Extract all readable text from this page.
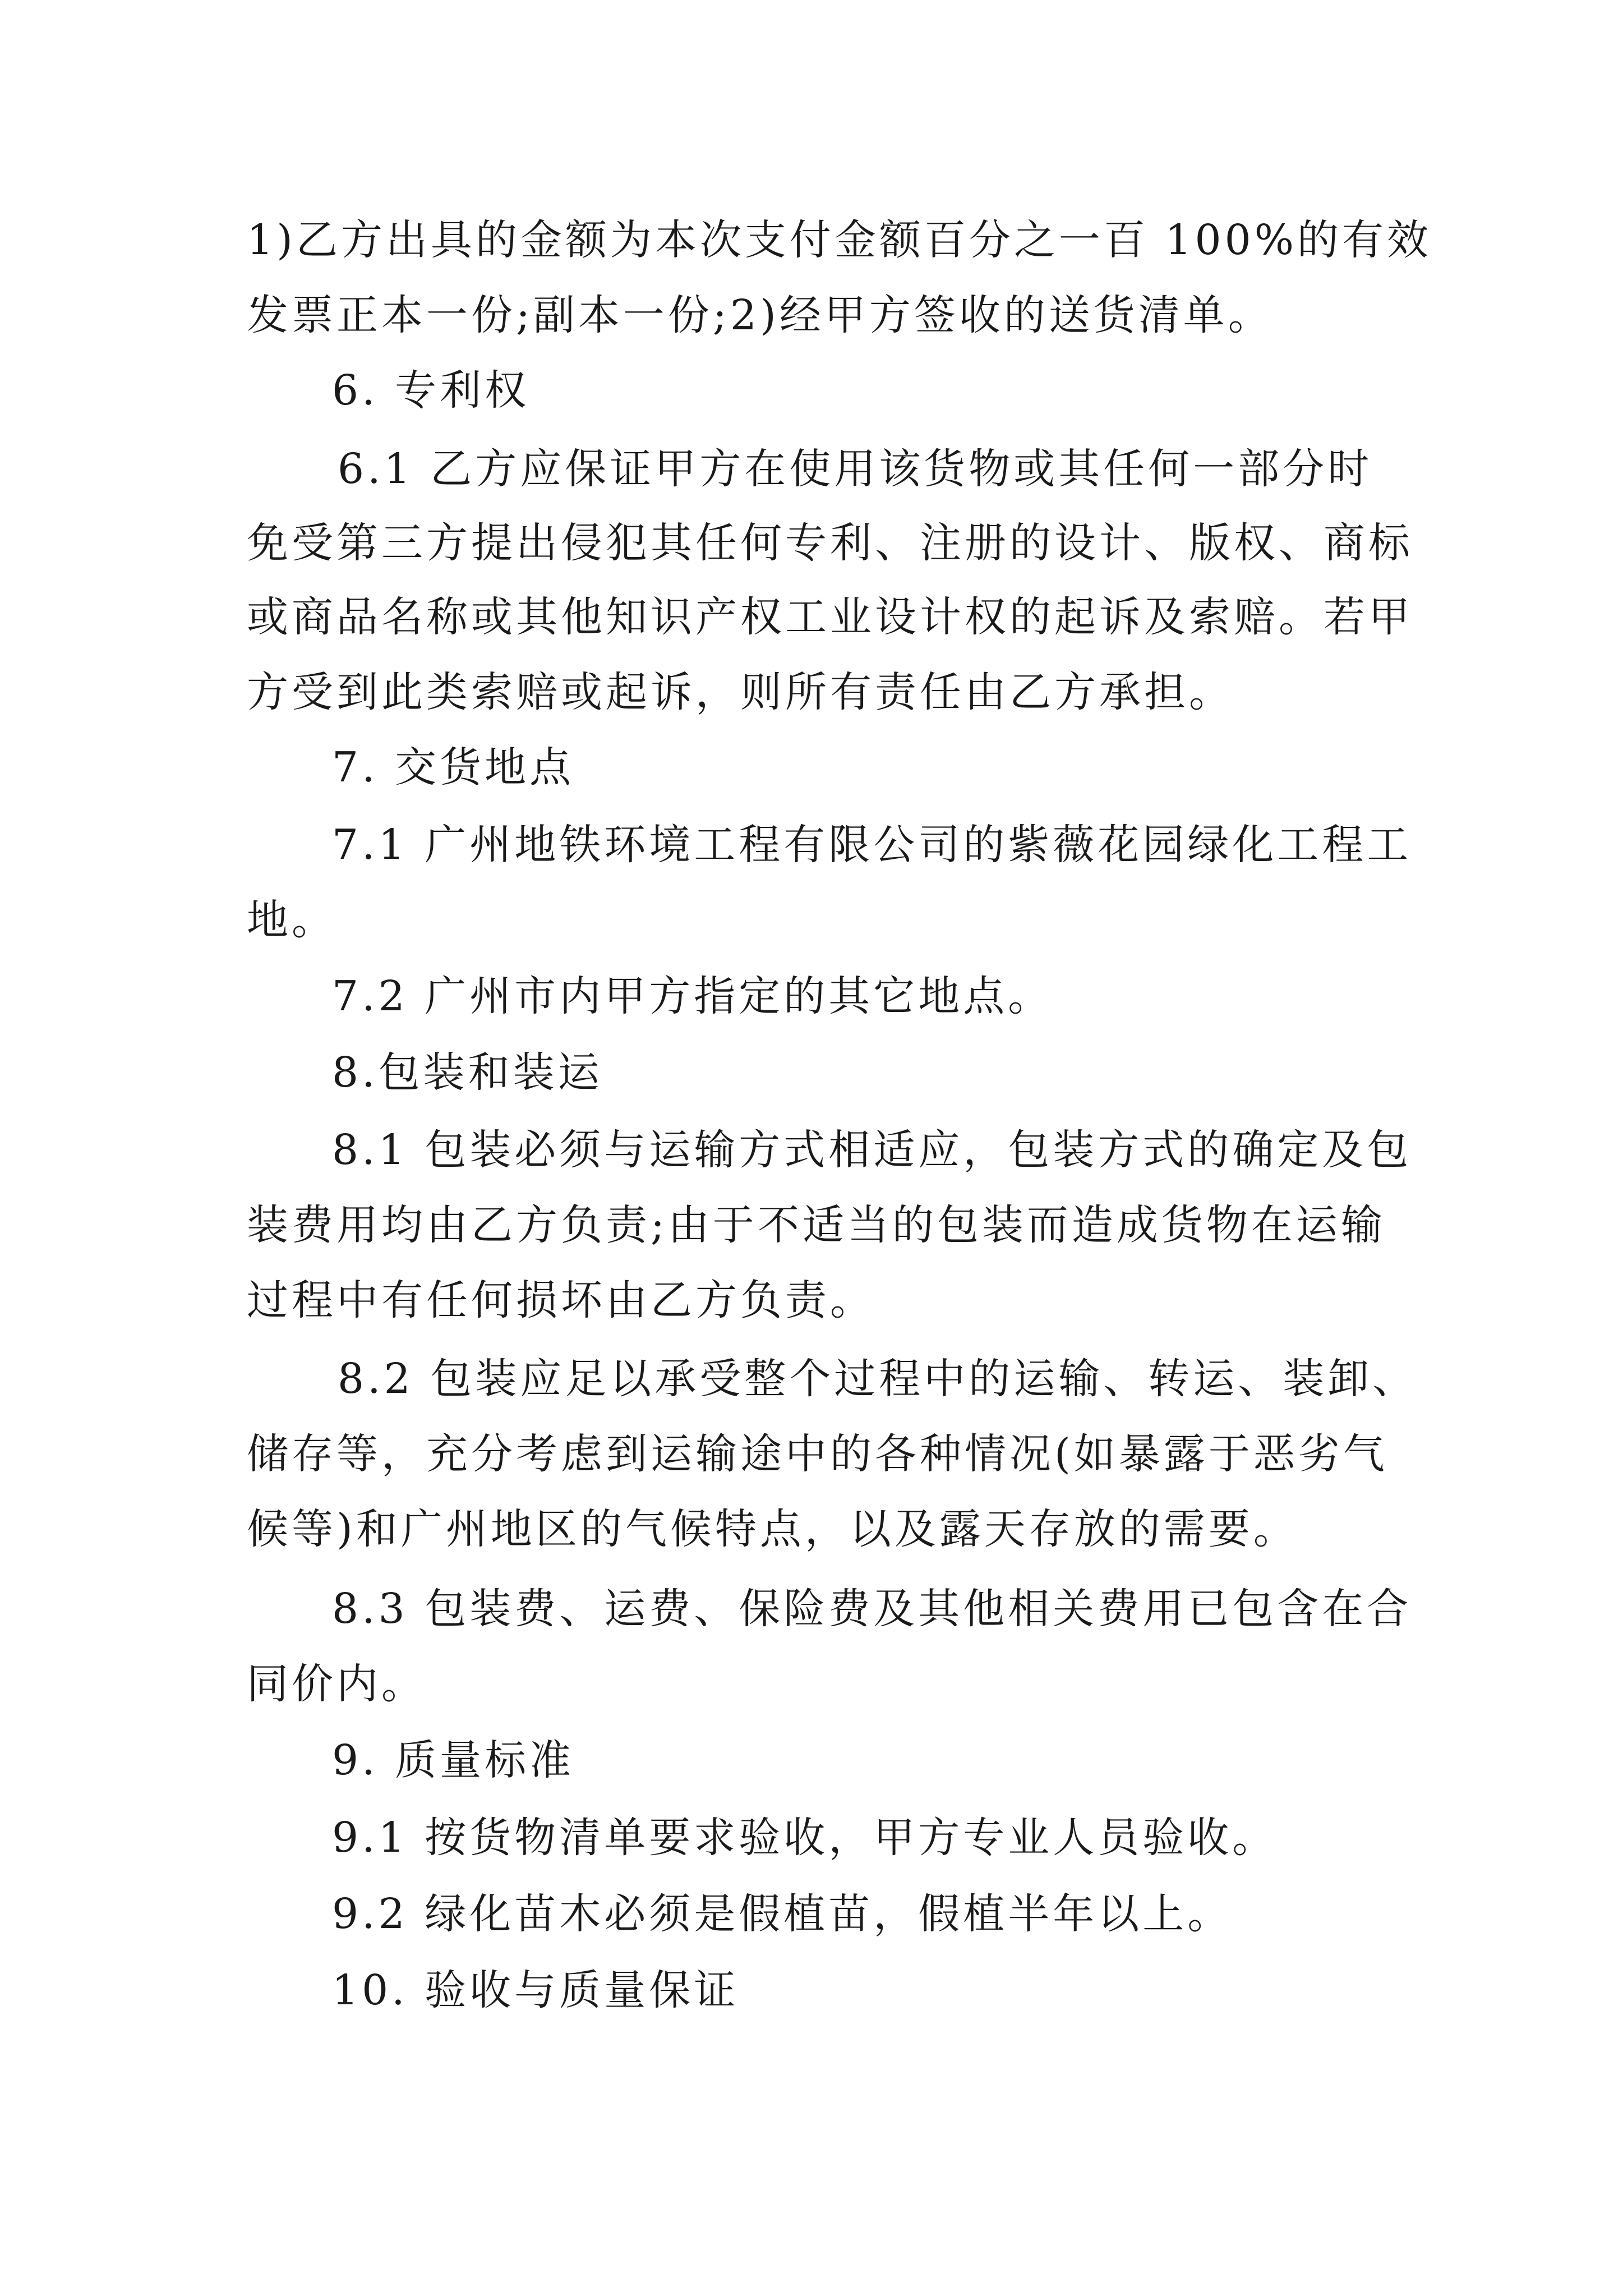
1)乙方出具的金额为本次支付金额百分之一百 100%的有效
发票正本一份;副本一份;2)经甲方签收的送货清单。
6. 专利权
6.1 乙方应保证甲方在使用该货物或其任何一部分时
免受第三方提出侵犯其任何专利、注册的设计、版权、商标
或商品名称或其他知识产权工业设计权的起诉及索赔。若甲
方受到此类索赔或起诉，则所有责任由乙方承担。
7. 交货地点
7.1 广州地铁环境工程有限公司的紫薇花园绿化工程工
地。
7.2 广州市内甲方指定的其它地点。
8.包装和装运
8.1 包装必须与运输方式相适应，包装方式的确定及包
装费用均由乙方负责;由于不适当的包装而造成货物在运输
过程中有任何损坏由乙方负责。
8.2 包装应足以承受整个过程中的运输、转运、装卸、
储存等，充分考虑到运输途中的各种情况(如暴露于恶劣气
候等)和广州地区的气候特点，以及露天存放的需要。
8.3 包装费、运费、保险费及其他相关费用已包含在合
同价内。
9. 质量标准
9.1 按货物清单要求验收，甲方专业人员验收。
9.2 绿化苗木必须是假植苗，假植半年以上。
10. 验收与质量保证
